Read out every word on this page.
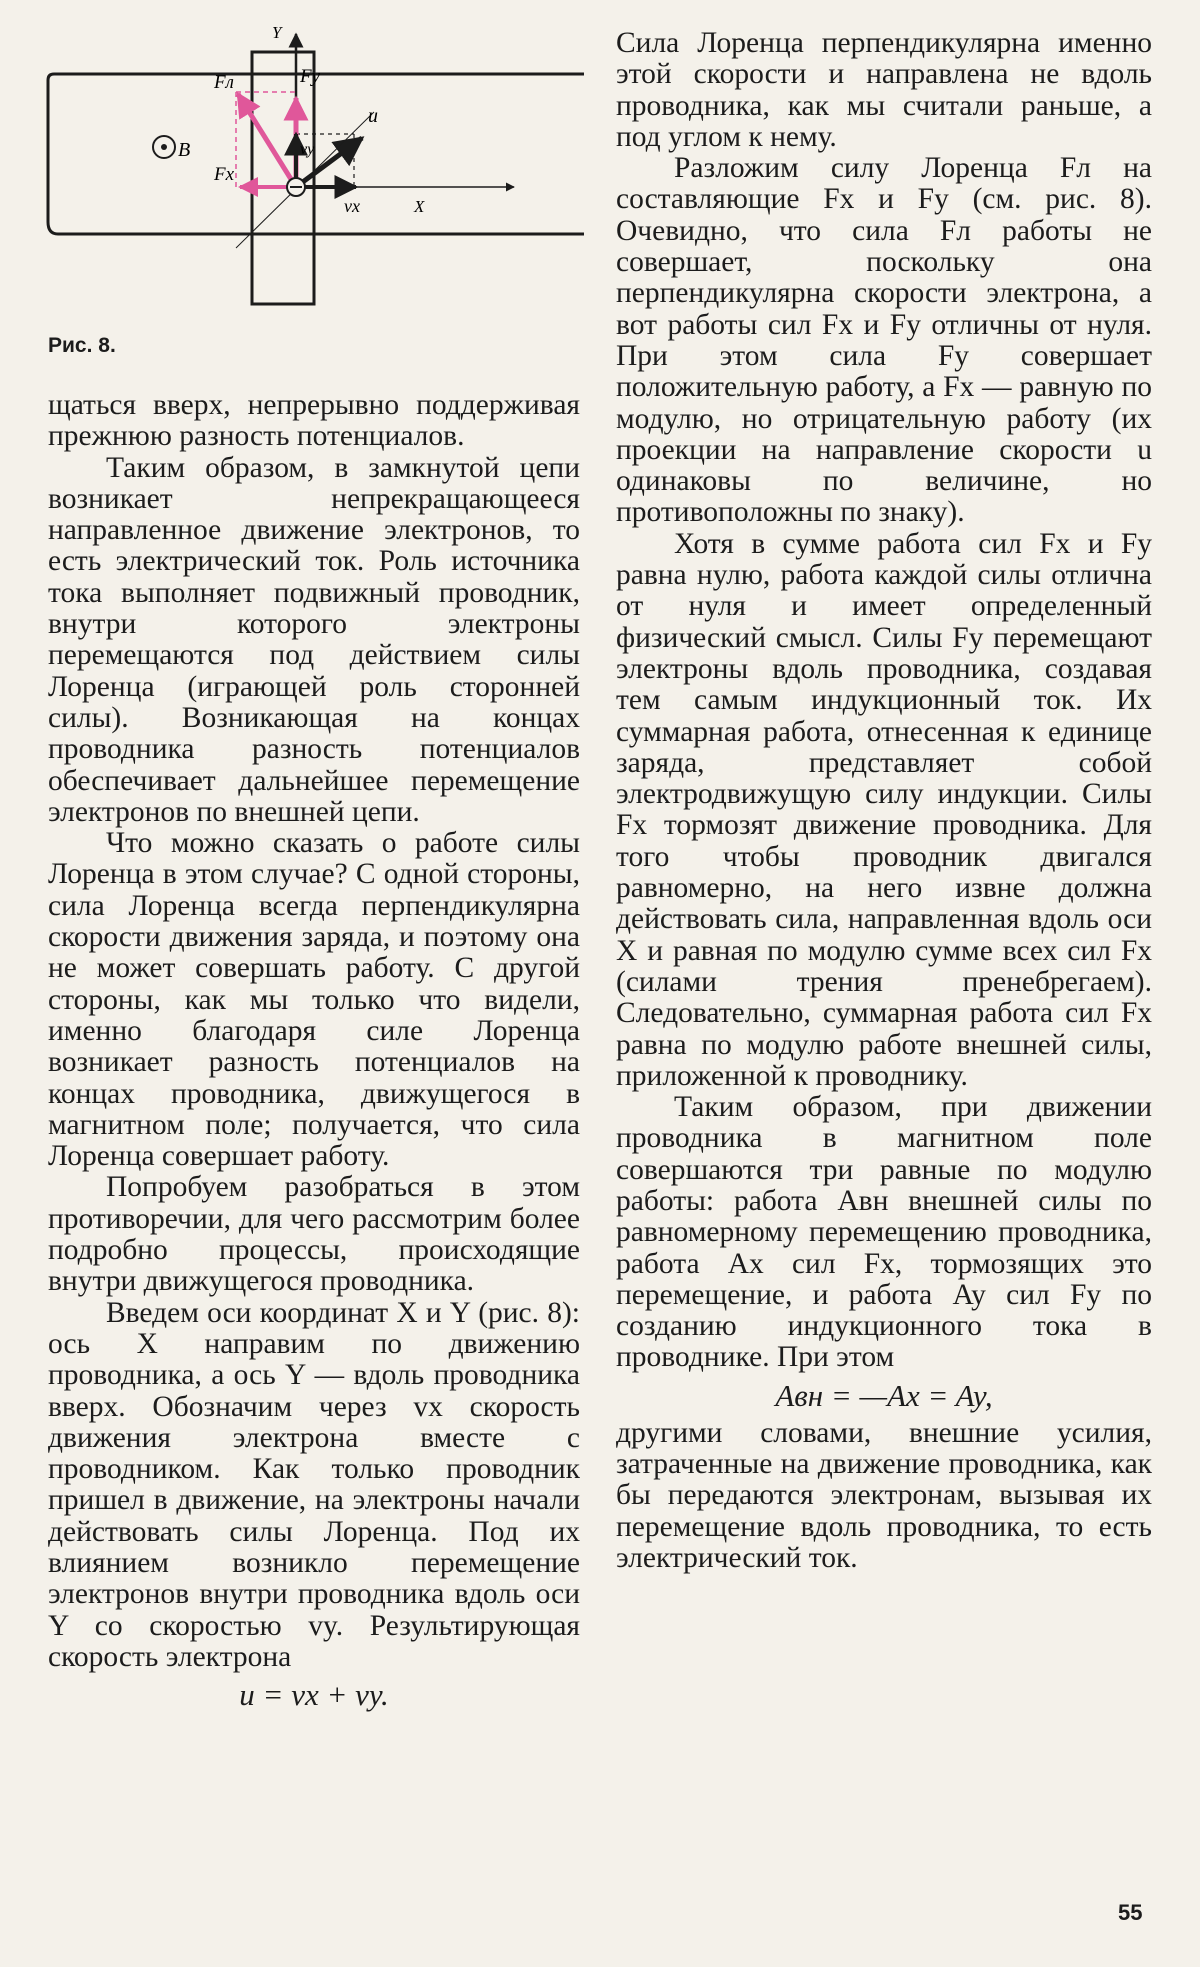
Y
X
B
Fл	Fy
Fx
u
vy
vx
Рис. 8.

щаться вверх, непрерывно поддерживая прежнюю разность потенциалов.

Таким образом, в замкнутой цепи возникает непрекращающееся направленное движение электронов, то есть электрический ток. Роль источника тока выполняет подвижный проводник, внутри которого электроны перемещаются под действием силы Лоренца (играющей роль сторонней силы). Возникающая на концах проводника разность потенциалов обеспечивает дальнейшее перемещение электронов по внешней цепи.

Что можно сказать о работе силы Лоренца в этом случае? С одной стороны, сила Лоренца всегда перпендикулярна скорости движения заряда, и поэтому она не может совершать работу. С другой стороны, как мы только что видели, именно благодаря силе Лоренца возникает разность потенциалов на концах проводника, движущегося в магнитном поле; получается, что сила Лоренца совершает работу.

Попробуем разобраться в этом противоречии, для чего рассмотрим более подробно процессы, происходящие внутри движущегося проводника.

Введем оси координат X и Y (рис. 8): ось X направим по движению проводника, а ось Y — вдоль проводника вверх. Обозначим через vx скорость движения электрона вместе с проводником. Как только проводник пришел в движение, на электроны начали действовать силы Лоренца. Под их влиянием возникло перемещение электронов внутри проводника вдоль оси Y со скоростью vy. Результирующая скорость электрона

u = vx + vy.

Сила Лоренца перпендикулярна именно этой скорости и направлена не вдоль проводника, как мы считали раньше, а под углом к нему.

Разложим силу Лоренца Fл на составляющие Fx и Fy (см. рис. 8). Очевидно, что сила Fл работы не совершает, поскольку она перпендикулярна скорости электрона, а вот работы сил Fx и Fy отличны от нуля. При этом сила Fy совершает положительную работу, а Fx — равную по модулю, но отрицательную работу (их проекции на направление скорости u одинаковы по величине, но противоположны по знаку).

Хотя в сумме работа сил Fx и Fy равна нулю, работа каждой силы отлична от нуля и имеет определенный физический смысл. Силы Fy перемещают электроны вдоль проводника, создавая тем самым индукционный ток. Их суммарная работа, отнесенная к единице заряда, представляет собой электродвижущую силу индукции. Силы Fx тормозят движение проводника. Для того чтобы проводник двигался равномерно, на него извне должна действовать сила, направленная вдоль оси X и равная по модулю сумме всех сил Fx (силами трения пренебрегаем). Следовательно, суммарная работа сил Fx равна по модулю работе внешней силы, приложенной к проводнику.

Таким образом, при движении проводника в магнитном поле совершаются три равные по модулю работы: работа Aвн внешней силы по равномерному перемещению проводника, работа Ax сил Fx, тормозящих это перемещение, и работа Ay сил Fy по созданию индукционного тока в проводнике. При этом

Aвн = —Ax = Ay,

другими словами, внешние усилия, затраченные на движение проводника, как бы передаются электронам, вызывая их перемещение вдоль проводника, то есть электрический ток.

55
